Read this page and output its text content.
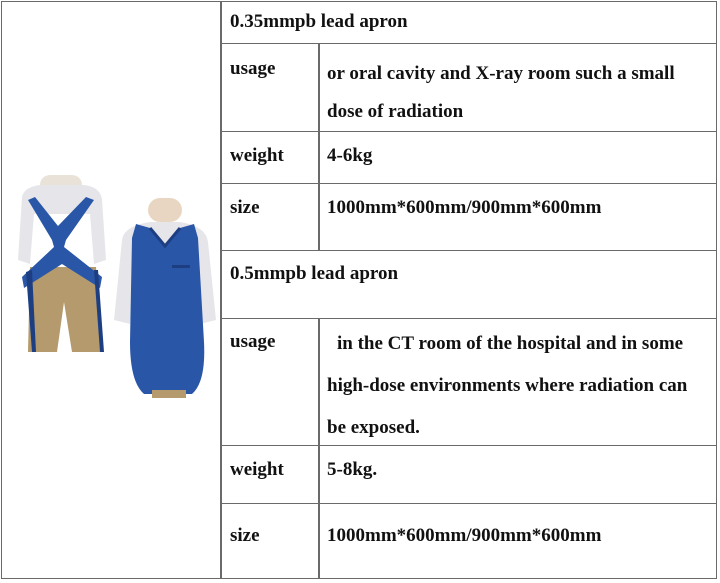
0.35mmpb lead apron
usage	or oral cavity and X-ray room such a small dose of radiation
weight 4-6kg
size	1000mm*600mm/900mm*600mm
0.5mmpb lead apron
usage	in the CT room of the hospital and in some high-dose environments where radiation can be exposed.
weight 5-8kg.
size	1000mm*600mm/900mm*600mm
